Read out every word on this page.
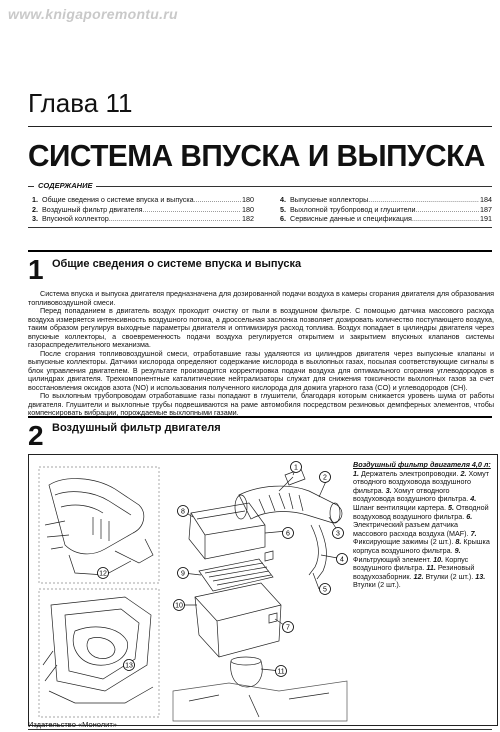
www.knigaporemontu.ru
Глава 11
СИСТЕМА ВПУСКА И ВЫПУСКА
СОДЕРЖАНИЕ
1. Общие сведения о системе впуска и выпуска .....	180
2. Воздушный фильтр двигателя .....	180
3. Впускной коллектор .....	182
4. Выпускные коллекторы .....	184
5. Выхлопной трубопровод и глушители .....	187
6. Сервисные данные и спецификация .....	191
1 Общие сведения о системе впуска и выпуска

Система впуска и выпуска двигателя предназначена для дозированной подачи воздуха в камеры сгорания двигателя для образования топливовоздушной смеси.

Перед попаданием в двигатель воздух проходит очистку от пыли в воздушном фильтре. С помощью датчика массового расхода воздуха измеряется интенсивность воздушного потока, а дроссельная заслонка позволяет дозировать количество поступающего воздуха, таким образом регулируя выходные параметры двигателя и оптимизируя расход топлива. Воздух попадает в цилиндры двигателя через впускные коллекторы, а своевременность подачи воздуха регулируется открытием и закрытием впускных клапанов системы газораспределительного механизма.

После сгорания топливовоздушной смеси, отработавшие газы удаляются из цилиндров двигателя через выпускные клапаны и выпускные коллекторы. Датчики кислорода определяют содержание кислорода в выхлопных газах, посылая соответствующие сигналы в блок управления двигателем. В результате производится корректировка подачи воздуха для оптимального сгорания углеводородов в цилиндрах двигателя. Трехкомпонентные каталитические нейтрализаторы служат для снижения токсичности выхлопных газов за счет восстановления оксидов азота (NO) и использования полученного кислорода для дожига угарного газа (CO) и углеводородов (CH).

По выхлопным трубопроводам отработавшие газы попадают в глушители, благодаря которым снижается уровень шума от работы двигателя. Глушители и выхлопные трубы подвешиваются на раме автомобиля посредством резиновых демпферных элементов, чтобы компенсировать вибрации, порождаемые выхлопными газами.

2 Воздушный фильтр двигателя
1
2
3
4
5
6
7
8
9
10
11
12
13
Воздушный фильтр двигателя 4,0 л: 1. Держатель электропроводки. 2. Хомут отводного воздуховода воздушного фильтра. 3. Хомут отводного воздуховода воздушного фильтра. 4. Шланг вентиляции картера. 5. Отводной воздуховод воздушного фильтра. 6. Электрический разъем датчика массового расхода воздуха (MAF). 7. Фиксирующие зажимы (2 шт.). 8. Крышка корпуса воздушного фильтра. 9. Фильтрующий элемент. 10. Корпус воздушного фильтра. 11. Резиновый воздухозаборник. 12. Втулки (2 шт.). 13. Втулки (2 шт.).
Издательство «Монолит»
